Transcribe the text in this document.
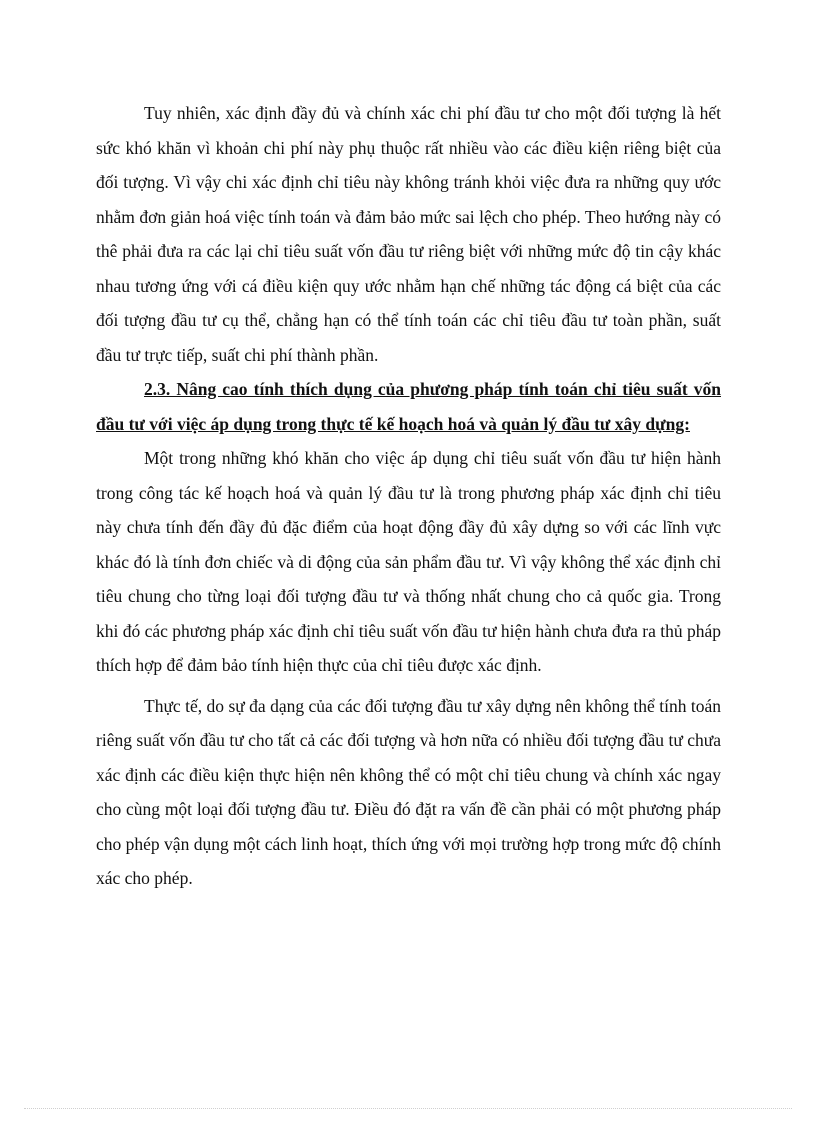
Tuy nhiên, xác định đầy đủ và chính xác chi phí đầu tư cho một đối tượng là hết sức khó khăn vì khoản chi phí này phụ thuộc rất nhiều vào các điều kiện riêng biệt của đối tượng. Vì vậy chi xác định chỉ tiêu này không tránh khỏi việc đưa ra những quy ước nhằm đơn giản hoá việc tính toán và đảm bảo mức sai lệch cho phép. Theo hướng này có thê phải đưa ra các lại chỉ tiêu suất vốn đầu tư riêng biệt với những mức độ tin cậy khác nhau tương ứng với cá điều kiện quy ước nhằm hạn chế những tác động cá biệt của các đối tượng đầu tư cụ thể, chẳng hạn có thể tính toán các chỉ tiêu đầu tư toàn phần, suất đầu tư trực tiếp, suất chi phí thành phần.

2.3. Nâng cao tính thích dụng của phương pháp tính toán chỉ tiêu suất vốn đầu tư với việc áp dụng trong thực tế kế hoạch hoá và quản lý đầu tư xây dựng:

Một trong những khó khăn cho việc áp dụng chỉ tiêu suất vốn đầu tư hiện hành trong công tác kế hoạch hoá và quản lý đầu tư là trong phương pháp xác định chỉ tiêu này chưa tính đến đầy đủ đặc điểm của hoạt động đầy đủ xây dựng so với các lĩnh vực khác đó là tính đơn chiếc và di động của sản phẩm đầu tư. Vì vậy không thể xác định chỉ tiêu chung cho từng loại đối tượng đầu tư và thống nhất chung cho cả quốc gia. Trong khi đó các phương pháp xác định chỉ tiêu suất vốn đầu tư hiện hành chưa đưa ra thủ pháp thích hợp để đảm bảo tính hiện thực của chỉ tiêu được xác định.

Thực tế, do sự đa dạng của các đối tượng đầu tư xây dựng nên không thể tính toán riêng suất vốn đầu tư cho tất cả các đối tượng và hơn nữa có nhiều đối tượng đầu tư chưa xác định các điều kiện thực hiện nên không thể có một chỉ tiêu chung và chính xác ngay cho cùng một loại đối tượng đầu tư. Điều đó đặt ra vấn đề cần phải có một phương pháp cho phép vận dụng một cách linh hoạt, thích ứng với mọi trường hợp trong mức độ chính xác cho phép.
